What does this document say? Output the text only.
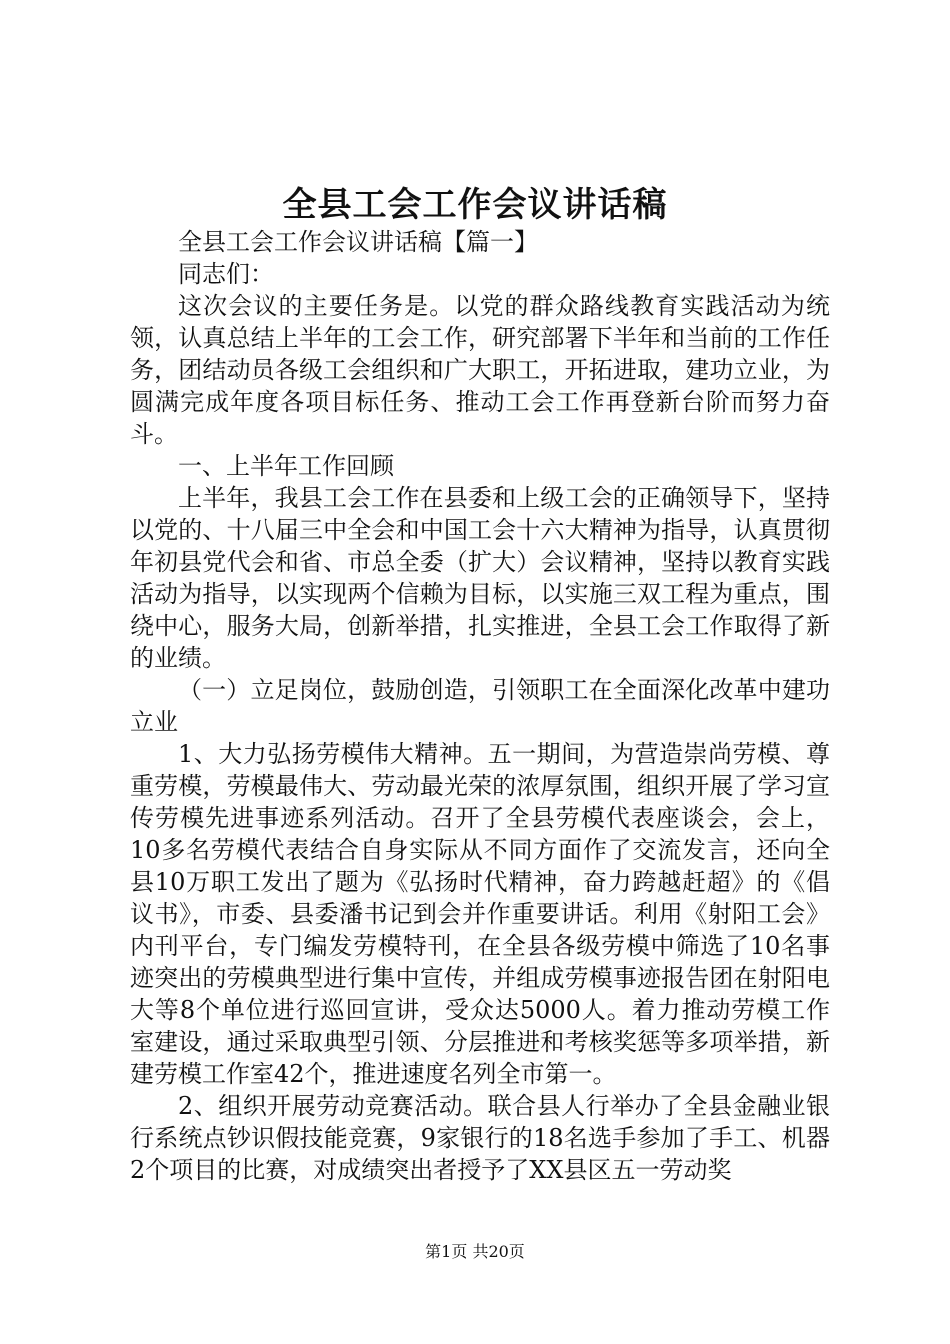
全县工会工作会议讲话稿

全县工会工作会议讲话稿【篇一】

同志们：

这次会议的主要任务是。以党的群众路线教育实践活动为统领，认真总结上半年的工会工作，研究部署下半年和当前的工作任务，团结动员各级工会组织和广大职工，开拓进取，建功立业，为圆满完成年度各项目标任务、推动工会工作再登新台阶而努力奋斗。

一、上半年工作回顾

上半年，我县工会工作在县委和上级工会的正确领导下，坚持以党的、十八届三中全会和中国工会十六大精神为指导，认真贯彻年初县党代会和省、市总全委（扩大）会议精神，坚持以教育实践活动为指导，以实现两个信赖为目标，以实施三双工程为重点，围绕中心，服务大局，创新举措，扎实推进，全县工会工作取得了新的业绩。

（一）立足岗位，鼓励创造，引领职工在全面深化改革中建功立业

1、大力弘扬劳模伟大精神。五一期间，为营造崇尚劳模、尊重劳模，劳模最伟大、劳动最光荣的浓厚氛围，组织开展了学习宣传劳模先进事迹系列活动。召开了全县劳模代表座谈会，会上，10多名劳模代表结合自身实际从不同方面作了交流发言，还向全县10万职工发出了题为《弘扬时代精神，奋力跨越赶超》的《倡议书》，市委、县委潘书记到会并作重要讲话。利用《射阳工会》内刊平台，专门编发劳模特刊，在全县各级劳模中筛选了10名事迹突出的劳模典型进行集中宣传，并组成劳模事迹报告团在射阳电大等8个单位进行巡回宣讲，受众达5000人。着力推动劳模工作室建设，通过采取典型引领、分层推进和考核奖惩等多项举措，新建劳模工作室42个，推进速度名列全市第一。

2、组织开展劳动竞赛活动。联合县人行举办了全县金融业银行系统点钞识假技能竞赛，9家银行的18名选手参加了手工、机器2个项目的比赛，对成绩突出者授予了XX县区五一劳动奖

第1页 共20页
